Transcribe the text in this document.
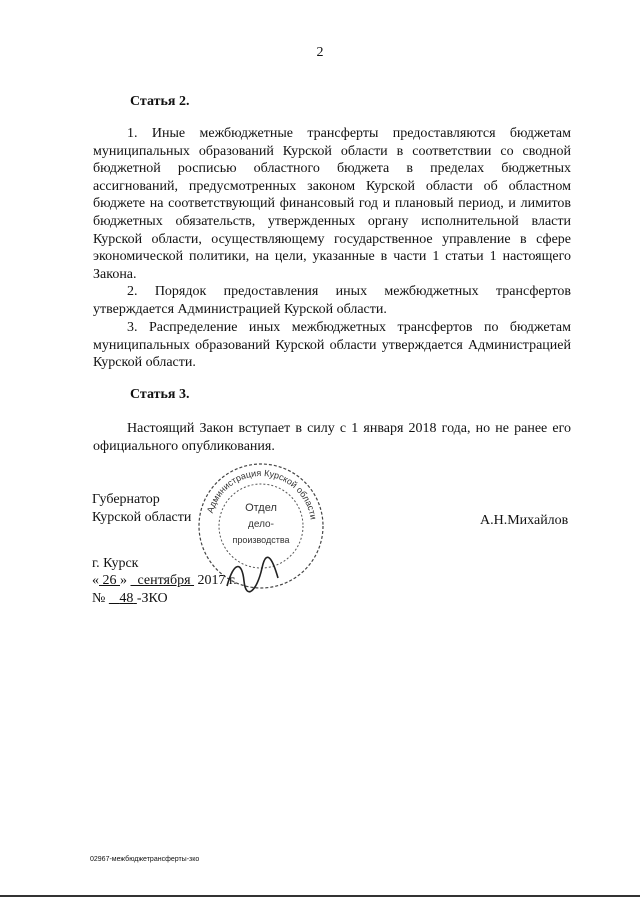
2
Статья 2.

1. Иные межбюджетные трансферты предоставляются бюджетам муниципальных образований Курской области в соответствии со сводной бюджетной росписью областного бюджета в пределах бюджетных ассигнований, предусмотренных законом Курской области об областном бюджете на соответствующий финансовый год и плановый период, и лимитов бюджетных обязательств, утвержденных органу исполнительной власти Курской области, осуществляющему государственное управление в сфере экономической политики, на цели, указанные в части 1 статьи 1 настоящего Закона.

2. Порядок предоставления иных межбюджетных трансфертов утверждается Администрацией Курской области.

3. Распределение иных межбюджетных трансфертов по бюджетам муниципальных образований Курской области утверждается Администрацией Курской области.

Статья 3.

Настоящий Закон вступает в силу с 1 января 2018 года, но не ранее его официального опубликования.

Губернатор
Курской области	А.Н.Михайлов
г. Курск
« 26 » сентября 2017 г.
№ 48 -ЗКО
Администрация Курской области
Отдел
дело-
производства
02967-межбюджетрансферты-зко
